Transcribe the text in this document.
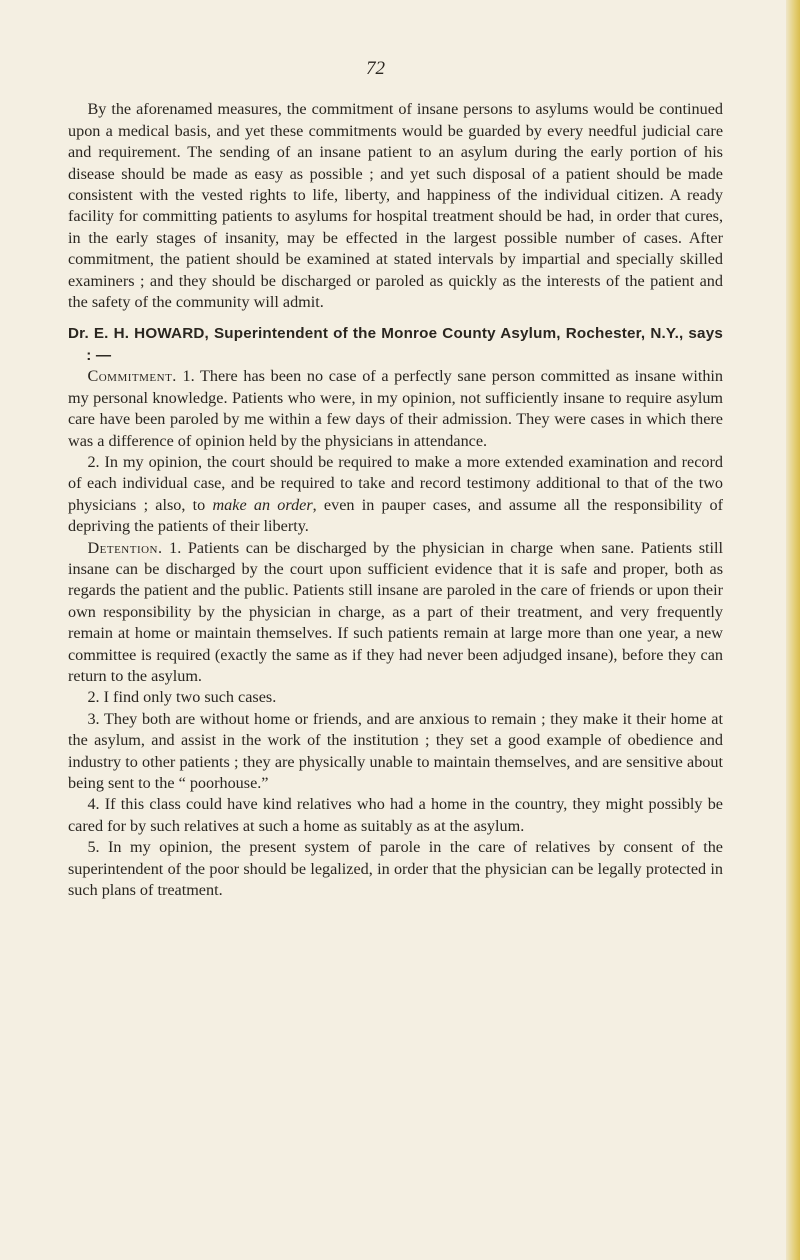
72

By the aforenamed measures, the commitment of insane persons to asylums would be continued upon a medical basis, and yet these commitments would be guarded by every needful judicial care and requirement. The sending of an insane patient to an asylum during the early portion of his disease should be made as easy as possible ; and yet such disposal of a patient should be made consistent with the vested rights to life, liberty, and happiness of the individual citizen. A ready facility for committing patients to asylums for hospital treatment should be had, in order that cures, in the early stages of insanity, may be effected in the largest possible number of cases. After commitment, the patient should be examined at stated intervals by impartial and specially skilled examiners ; and they should be discharged or paroled as quickly as the interests of the patient and the safety of the community will admit.

Dr. E. H. HOWARD, Superintendent of the Monroe County Asylum, Rochester, N.Y., says : —

Commitment. 1. There has been no case of a perfectly sane person committed as insane within my personal knowledge. Patients who were, in my opinion, not sufficiently insane to require asylum care have been paroled by me within a few days of their admission. They were cases in which there was a difference of opinion held by the physicians in attendance.

2. In my opinion, the court should be required to make a more extended examination and record of each individual case, and be required to take and record testimony additional to that of the two physicians ; also, to make an order, even in pauper cases, and assume all the responsibility of depriving the patients of their liberty.

Detention. 1. Patients can be discharged by the physician in charge when sane. Patients still insane can be discharged by the court upon sufficient evidence that it is safe and proper, both as regards the patient and the public. Patients still insane are paroled in the care of friends or upon their own responsibility by the physician in charge, as a part of their treatment, and very frequently remain at home or maintain themselves. If such patients remain at large more than one year, a new committee is required (exactly the same as if they had never been adjudged insane), before they can return to the asylum.

2. I find only two such cases.

3. They both are without home or friends, and are anxious to remain ; they make it their home at the asylum, and assist in the work of the institution ; they set a good example of obedience and industry to other patients ; they are physically unable to maintain themselves, and are sensitive about being sent to the “ poorhouse.”

4. If this class could have kind relatives who had a home in the country, they might possibly be cared for by such relatives at such a home as suitably as at the asylum.

5. In my opinion, the present system of parole in the care of relatives by consent of the superintendent of the poor should be legalized, in order that the physician can be legally protected in such plans of treatment.
